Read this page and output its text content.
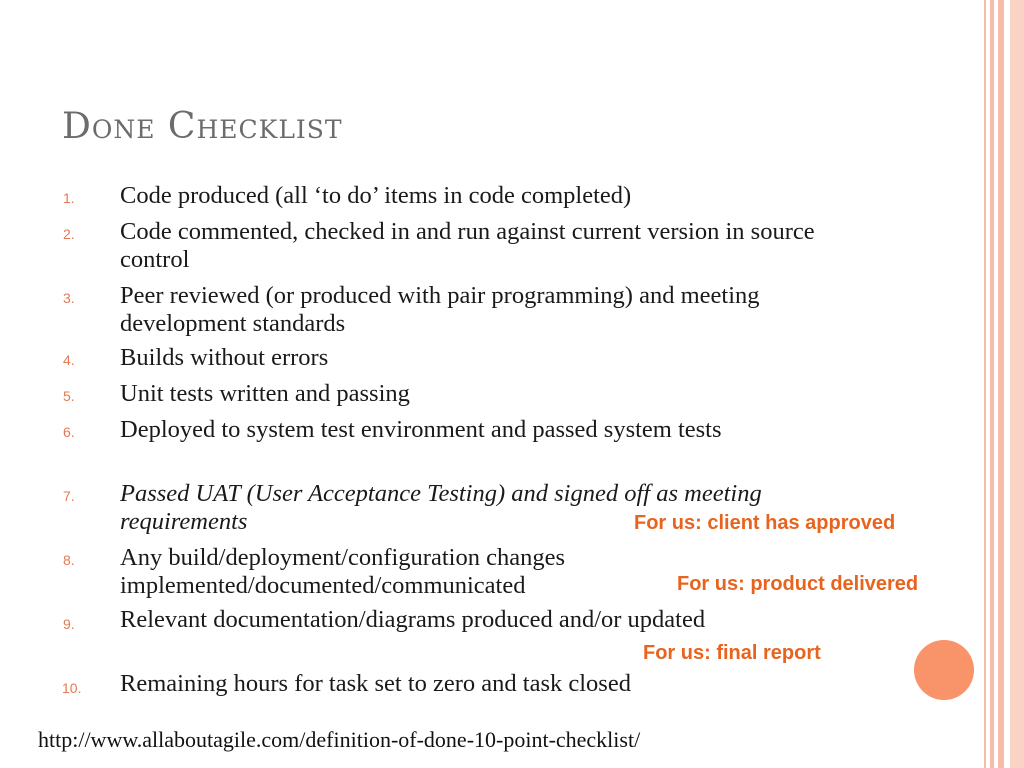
Done Checklist
1.	Code produced (all ‘to do’ items in code completed)
2.	Code commented, checked in and run against current version in source control
3.	Peer reviewed (or produced with pair programming) and meeting development standards
4.	Builds without errors
5.	Unit tests written and passing
6.	Deployed to system test environment and passed system tests
7.	Passed UAT (User Acceptance Testing) and signed off as meeting requirements
8.	Any build/deployment/configuration changes implemented/documented/communicated
9.	Relevant documentation/diagrams produced and/or updated
10.	Remaining hours for task set to zero and task closed
For us: client has approved
For us: product delivered
For us: final report
http://www.allaboutagile.com/definition-of-done-10-point-checklist/
